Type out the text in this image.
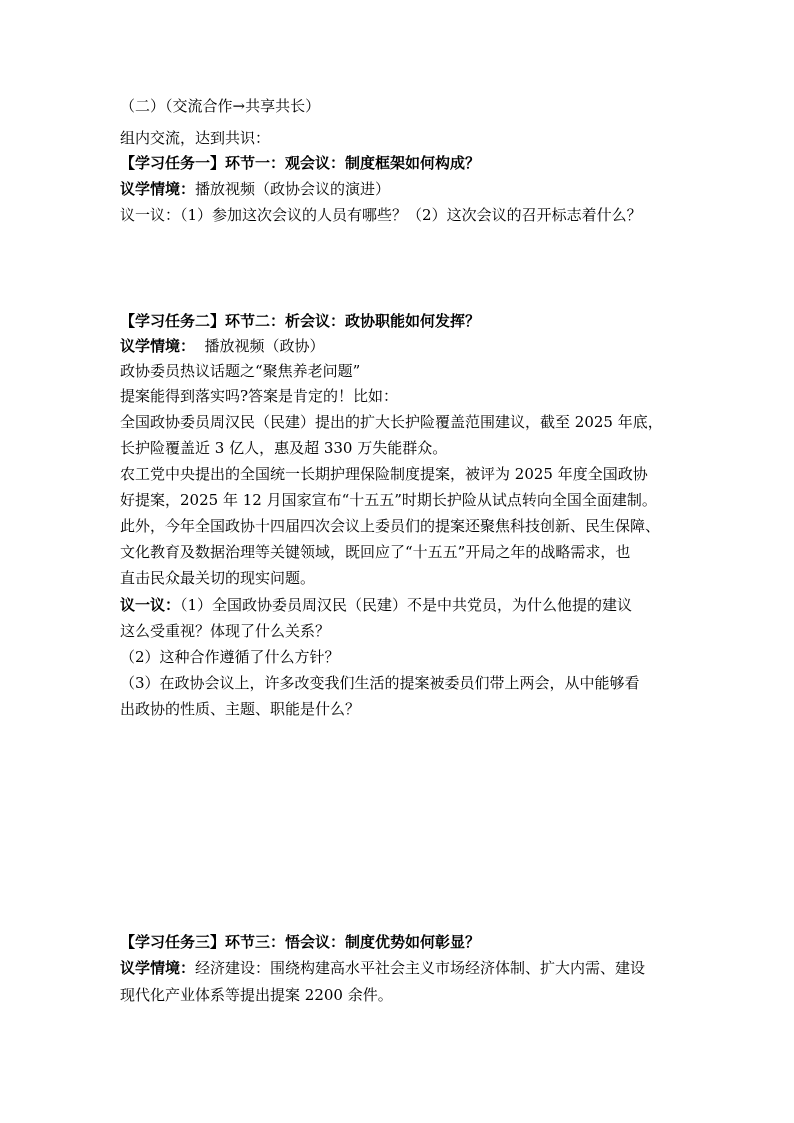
（二）（交流合作→共享共长）
组内交流，达到共识：
【学习任务一】环节一：观会议：制度框架如何构成？
议学情境：播放视频（政协会议的演进）
议一议：（1）参加这次会议的人员有哪些？（2）这次会议的召开标志着什么？
【学习任务二】环节二：析会议：政协职能如何发挥？
议学情境：  播放视频（政协）
政协委员热议话题之“聚焦养老问题”
提案能得到落实吗?答案是肯定的！比如：
全国政协委员周汉民（民建）提出的扩大长护险覆盖范围建议，截至 2025 年底，
长护险覆盖近 3 亿人，惠及超 330 万失能群众。
农工党中央提出的全国统一长期护理保险制度提案，被评为 2025 年度全国政协
好提案，2025 年 12 月国家宣布“十五五”时期长护险从试点转向全国全面建制。
此外，今年全国政协十四届四次会议上委员们的提案还聚焦科技创新、民生保障、
文化教育及数据治理等关键领域，既回应了“十五五”开局之年的战略需求，也
直击民众最关切的现实问题。
议一议：（1）全国政协委员周汉民（民建）不是中共党员，为什么他提的建议
这么受重视？体现了什么关系？
（2）这种合作遵循了什么方针？
（3）在政协会议上，许多改变我们生活的提案被委员们带上两会，从中能够看
出政协的性质、主题、职能是什么？
【学习任务三】环节三：悟会议：制度优势如何彰显？
议学情境：经济建设：围绕构建高水平社会主义市场经济体制、扩大内需、建设
现代化产业体系等提出提案 2200 余件。
